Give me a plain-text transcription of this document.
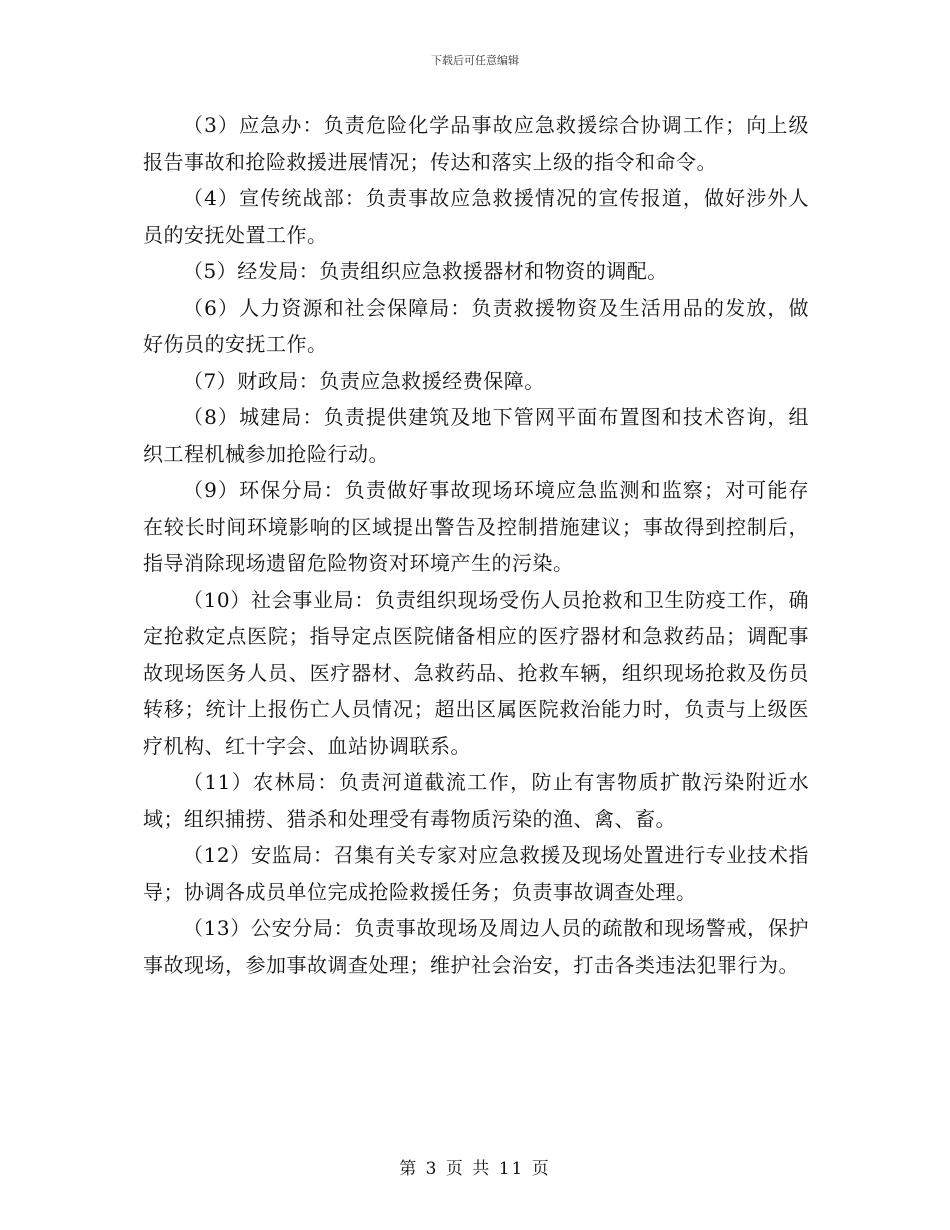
下载后可任意编辑

（3）应急办：负责危险化学品事故应急救援综合协调工作；向上级报告事故和抢险救援进展情况；传达和落实上级的指令和命令。

（4）宣传统战部：负责事故应急救援情况的宣传报道，做好涉外人员的安抚处置工作。

（5）经发局：负责组织应急救援器材和物资的调配。

（6）人力资源和社会保障局：负责救援物资及生活用品的发放，做好伤员的安抚工作。

（7）财政局：负责应急救援经费保障。

（8）城建局：负责提供建筑及地下管网平面布置图和技术咨询，组织工程机械参加抢险行动。

（9）环保分局：负责做好事故现场环境应急监测和监察；对可能存在较长时间环境影响的区域提出警告及控制措施建议；事故得到控制后，指导消除现场遗留危险物资对环境产生的污染。

（10）社会事业局：负责组织现场受伤人员抢救和卫生防疫工作，确定抢救定点医院；指导定点医院储备相应的医疗器材和急救药品；调配事故现场医务人员、医疗器材、急救药品、抢救车辆，组织现场抢救及伤员转移；统计上报伤亡人员情况；超出区属医院救治能力时，负责与上级医疗机构、红十字会、血站协调联系。

（11）农林局：负责河道截流工作，防止有害物质扩散污染附近水域；组织捕捞、猎杀和处理受有毒物质污染的渔、禽、畜。

（12）安监局：召集有关专家对应急救援及现场处置进行专业技术指导；协调各成员单位完成抢险救援任务；负责事故调查处理。

（13）公安分局：负责事故现场及周边人员的疏散和现场警戒，保护事故现场，参加事故调查处理；维护社会治安，打击各类违法犯罪行为。

第 3 页 共 11 页
